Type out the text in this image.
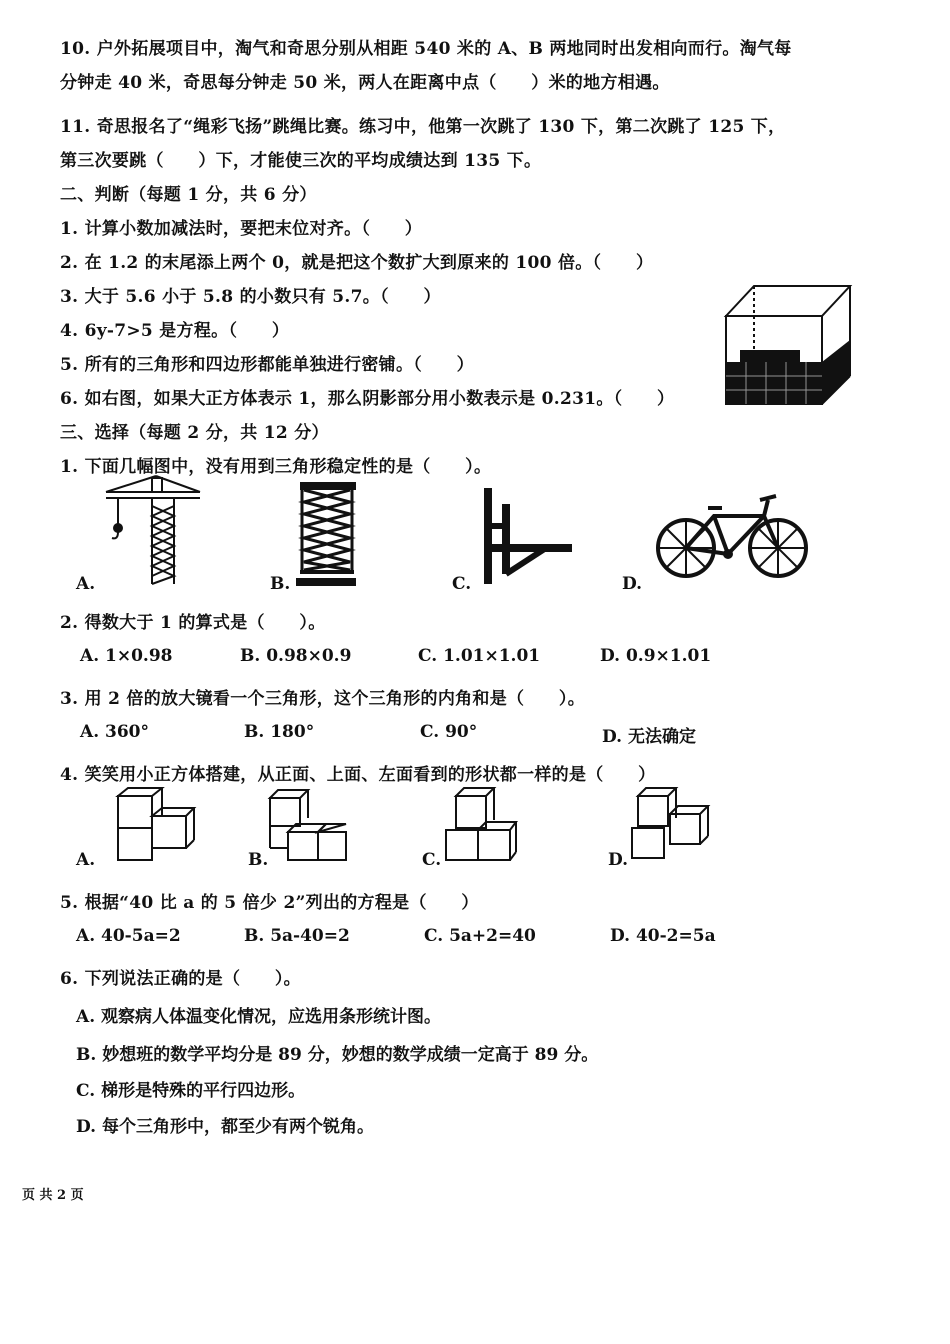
10. 户外拓展项目中，淘气和奇思分别从相距 540 米的 A、B 两地同时出发相向而行。淘气每
分钟走 40 米，奇思每分钟走 50 米，两人在距离中点（　　）米的地方相遇。
11. 奇思报名了“绳彩飞扬”跳绳比赛。练习中，他第一次跳了 130 下，第二次跳了 125 下，
第三次要跳（　　）下，才能使三次的平均成绩达到 135 下。
二、判断（每题 1 分，共 6 分）
1. 计算小数加减法时，要把末位对齐。（　　）
2. 在 1.2 的末尾添上两个 0，就是把这个数扩大到原来的 100 倍。（　　）
3. 大于 5.6 小于 5.8 的小数只有 5.7。（　　）
4. 6y-7>5 是方程。（　　）
5. 所有的三角形和四边形都能单独进行密铺。（　　）
6. 如右图，如果大正方体表示 1，那么阴影部分用小数表示是 0.231。（　　）
三、选择（每题 2 分，共 12 分）
1. 下面几幅图中，没有用到三角形稳定性的是（　　）。
A.	B.	C.	D.
2. 得数大于 1 的算式是（　　）。
A. 1×0.98	B. 0.98×0.9	C. 1.01×1.01	D. 0.9×1.01
3. 用 2 倍的放大镜看一个三角形，这个三角形的内角和是（　　）。
A. 360°	B. 180°	C. 90°	D. 无法确定
4. 笑笑用小正方体搭建，从正面、上面、左面看到的形状都一样的是（　　）
A.	B.	C.	D.
5. 根据“40 比 a 的 5 倍少 2”列出的方程是（　　）
A. 40-5a=2	B. 5a-40=2	C. 5a+2=40	D. 40-2=5a
6. 下列说法正确的是（　　）。
A. 观察病人体温变化情况，应选用条形统计图。
B. 妙想班的数学平均分是 89 分，妙想的数学成绩一定高于 89 分。
C. 梯形是特殊的平行四边形。
D. 每个三角形中，都至少有两个锐角。
页 共 2 页
